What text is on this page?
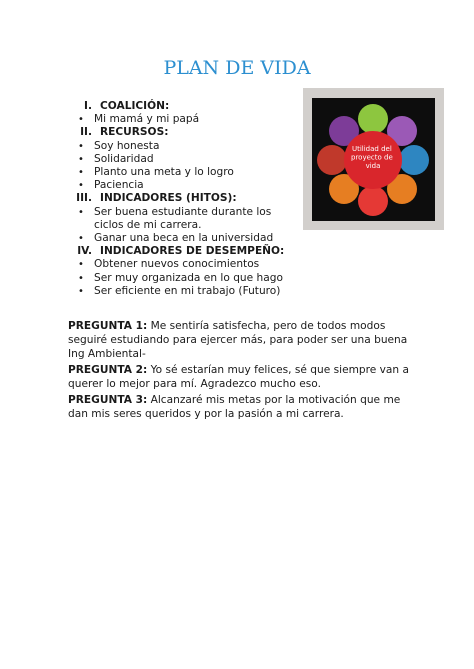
PLAN DE VIDA
I. COALICIÓN:
• Mi mamá y mi papá
II. RECURSOS:
• Soy honesta
• Solidaridad
• Planto una meta y lo logro
• Paciencia
III. INDICADORES (HITOS):
• Ser buena estudiante durante los ciclos de mi carrera.
• Ganar una beca en la universidad
IV. INDICADORES DE DESEMPEÑO:
• Obtener nuevos conocimientos
• Ser muy organizada en lo que hago
• Ser eficiente en mi trabajo (Futuro)
Utilidad del proyecto de vida
PREGUNTA 1: Me sentiría satisfecha, pero de todos modos seguiré estudiando para ejercer más, para poder ser una buena Ing Ambiental-
PREGUNTA 2: Yo sé estarían muy felices, sé que siempre van a querer lo mejor para mí. Agradezco mucho eso.
PREGUNTA 3: Alcanzaré mis metas por la motivación que me dan mis seres queridos y por la pasión a mi carrera.
